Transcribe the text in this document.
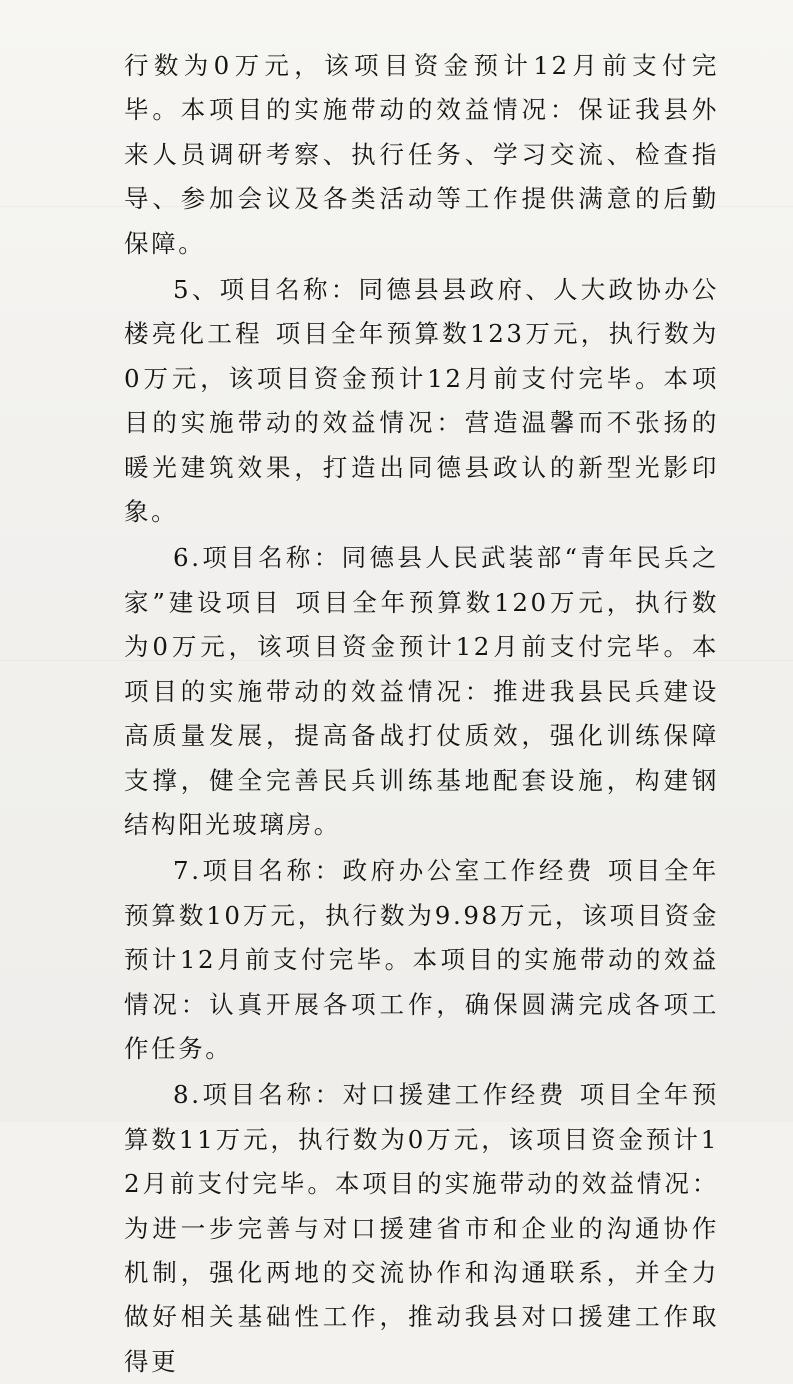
行数为0万元，该项目资金预计12月前支付完毕。本项目的实施带动的效益情况：保证我县外来人员调研考察、执行任务、学习交流、检查指导、参加会议及各类活动等工作提供满意的后勤保障。

5、项目名称：同德县县政府、人大政协办公楼亮化工程 项目全年预算数123万元，执行数为0万元，该项目资金预计12月前支付完毕。本项目的实施带动的效益情况：营造温馨而不张扬的暖光建筑效果，打造出同德县政认的新型光影印象。

6.项目名称：同德县人民武装部“青年民兵之家”建设项目 项目全年预算数120万元，执行数为0万元，该项目资金预计12月前支付完毕。本项目的实施带动的效益情况：推进我县民兵建设高质量发展，提高备战打仗质效，强化训练保障支撑，健全完善民兵训练基地配套设施，构建钢结构阳光玻璃房。

7.项目名称：政府办公室工作经费 项目全年预算数10万元，执行数为9.98万元，该项目资金预计12月前支付完毕。本项目的实施带动的效益情况：认真开展各项工作，确保圆满完成各项工作任务。

8.项目名称：对口援建工作经费 项目全年预算数11万元，执行数为0万元，该项目资金预计12月前支付完毕。本项目的实施带动的效益情况：为进一步完善与对口援建省市和企业的沟通协作机制，强化两地的交流协作和沟通联系，并全力做好相关基础性工作，推动我县对口援建工作取得更
